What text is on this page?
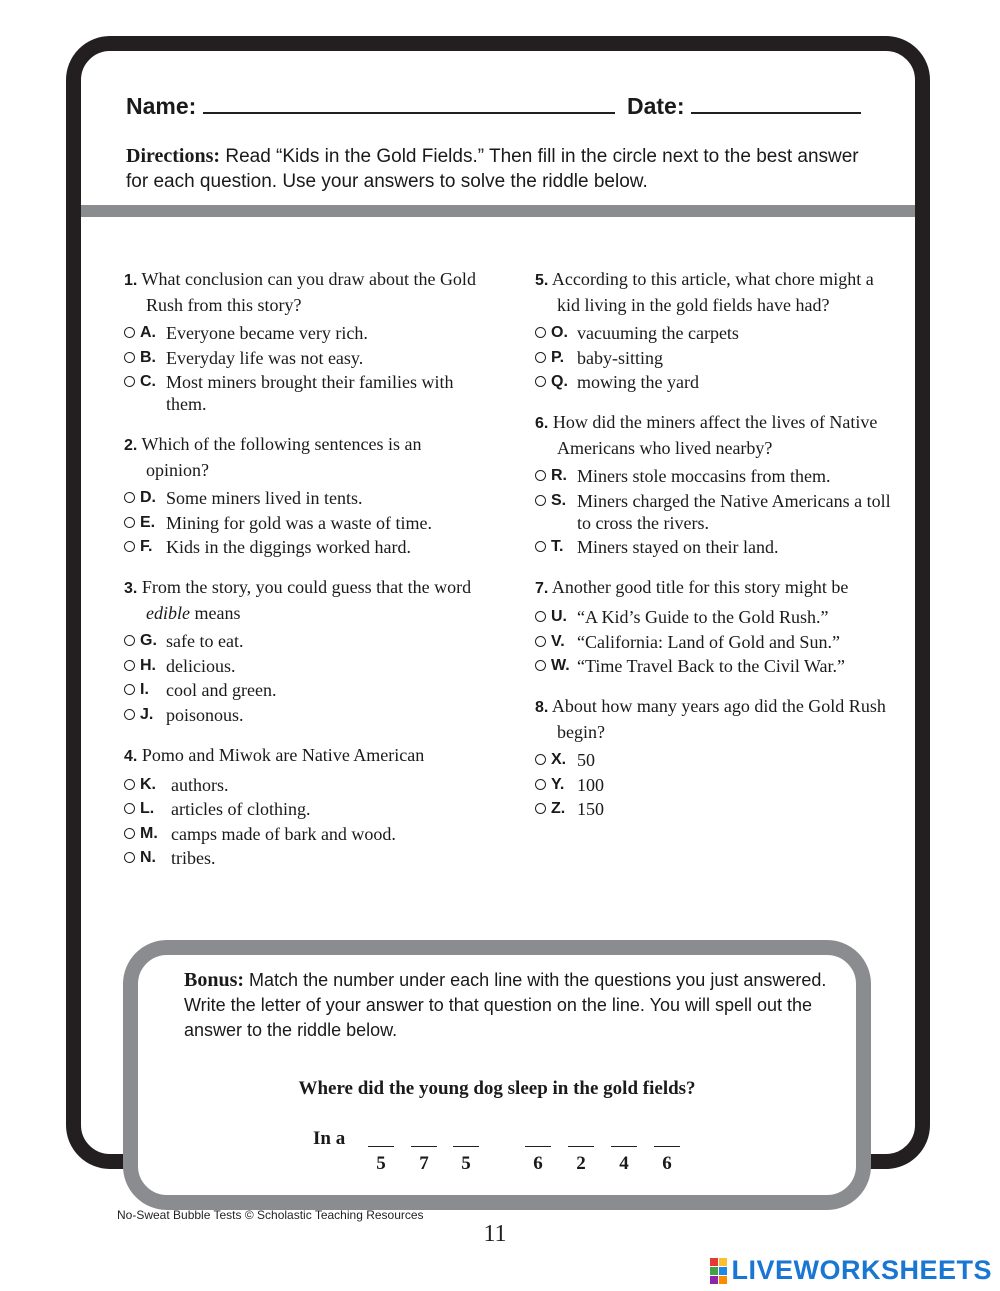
Name:	Date:
Directions: Read “Kids in the Gold Fields.” Then fill in the circle next to the best answer for each question. Use your answers to solve the riddle below.
1. What conclusion can you draw about the Gold Rush from this story?
A. Everyone became very rich.
B. Everyday life was not easy.
C. Most miners brought their families with them.
2. Which of the following sentences is an opinion?
D. Some miners lived in tents.
E. Mining for gold was a waste of time.
F. Kids in the diggings worked hard.
3. From the story, you could guess that the word edible means
G. safe to eat.
H. delicious.
I. cool and green.
J. poisonous.
4. Pomo and Miwok are Native American
K. authors.
L. articles of clothing.
M. camps made of bark and wood.
N. tribes.
5. According to this article, what chore might a kid living in the gold fields have had?
O. vacuuming the carpets
P. baby-sitting
Q. mowing the yard
6. How did the miners affect the lives of Native Americans who lived nearby?
R. Miners stole moccasins from them.
S. Miners charged the Native Americans a toll to cross the rivers.
T. Miners stayed on their land.
7. Another good title for this story might be
U. “A Kid’s Guide to the Gold Rush.”
V. “California: Land of Gold and Sun.”
W. “Time Travel Back to the Civil War.”
8. About how many years ago did the Gold Rush begin?
X. 50
Y. 100
Z. 150
Bonus: Match the number under each line with the questions you just answered. Write the letter of your answer to that question on the line. You will spell out the answer to the riddle below.
Where did the young dog sleep in the gold fields?
In a
5	7	5	6	2	4	6
No-Sweat Bubble Tests © Scholastic Teaching Resources
11
LIVEWORKSHEETS
